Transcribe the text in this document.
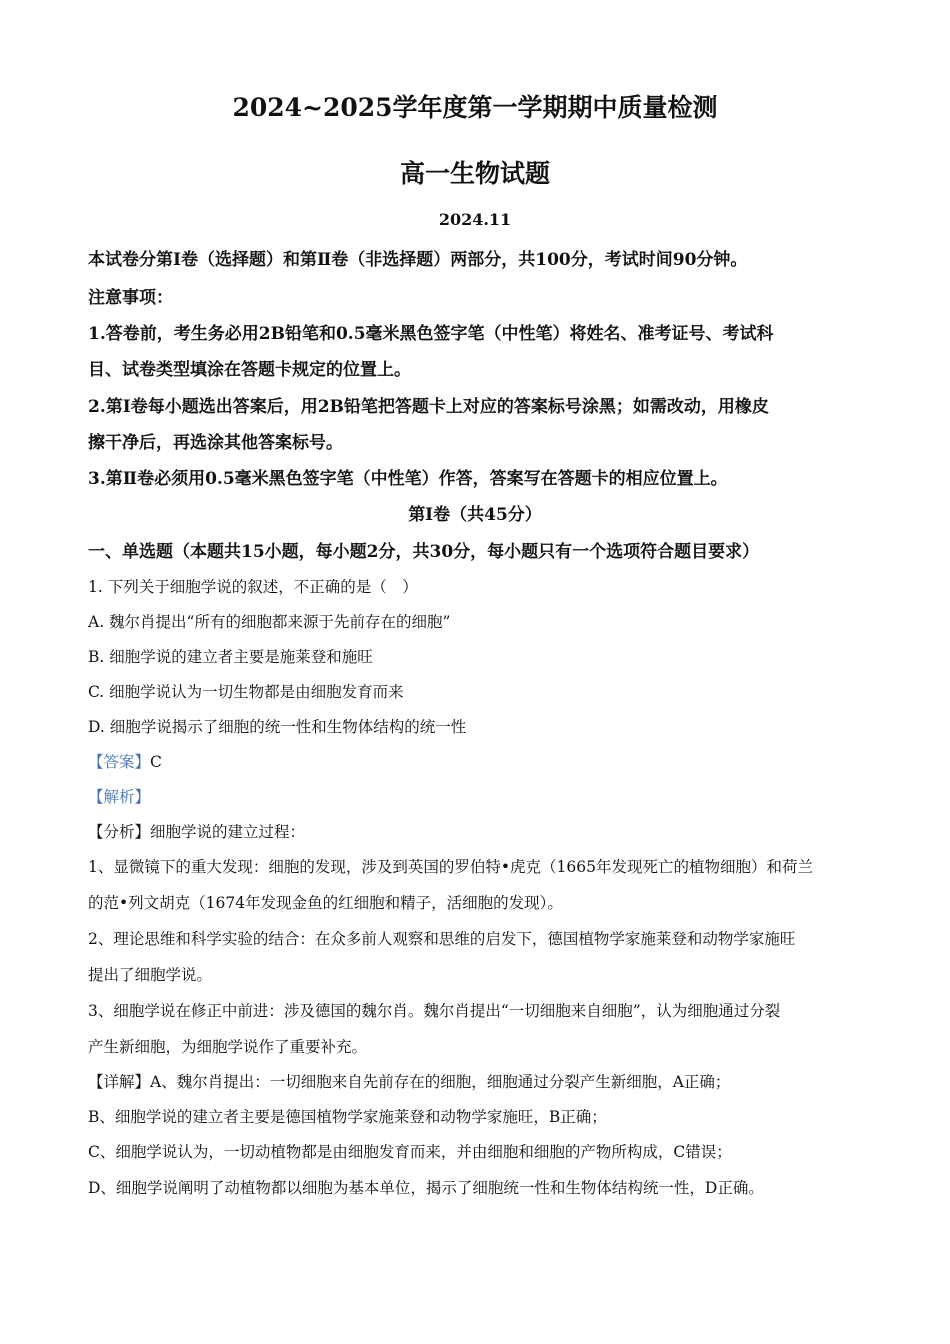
2024~2025学年度第一学期期中质量检测
高一生物试题
2024.11
本试卷分第Ⅰ卷（选择题）和第Ⅱ卷（非选择题）两部分，共100分，考试时间90分钟。
注意事项：
1.答卷前，考生务必用2B铅笔和0.5毫米黑色签字笔（中性笔）将姓名、准考证号、考试科
目、试卷类型填涂在答题卡规定的位置上。
2.第Ⅰ卷每小题选出答案后，用2B铅笔把答题卡上对应的答案标号涂黑；如需改动，用橡皮
擦干净后，再选涂其他答案标号。
3.第Ⅱ卷必须用0.5毫米黑色签字笔（中性笔）作答，答案写在答题卡的相应位置上。
第Ⅰ卷（共45分）
一、单选题（本题共15小题，每小题2分，共30分，每小题只有一个选项符合题目要求）
1. 下列关于细胞学说的叙述，不正确的是（　）
A. 魏尔肖提出“所有的细胞都来源于先前存在的细胞”
B. 细胞学说的建立者主要是施莱登和施旺
C. 细胞学说认为一切生物都是由细胞发育而来
D. 细胞学说揭示了细胞的统一性和生物体结构的统一性
【答案】C
【解析】
【分析】细胞学说的建立过程：
1、显微镜下的重大发现：细胞的发现，涉及到英国的罗伯特•虎克（1665年发现死亡的植物细胞）和荷兰
的范•列文胡克（1674年发现金鱼的红细胞和精子，活细胞的发现）。
2、理论思维和科学实验的结合：在众多前人观察和思维的启发下，德国植物学家施莱登和动物学家施旺
提出了细胞学说。
3、细胞学说在修正中前进：涉及德国的魏尔肖。魏尔肖提出“一切细胞来自细胞”，认为细胞通过分裂
产生新细胞，为细胞学说作了重要补充。
【详解】A、魏尔肖提出：一切细胞来自先前存在的细胞，细胞通过分裂产生新细胞，A正确；
B、细胞学说的建立者主要是德国植物学家施莱登和动物学家施旺，B正确；
C、细胞学说认为，一切动植物都是由细胞发育而来，并由细胞和细胞的产物所构成，C错误；
D、细胞学说阐明了动植物都以细胞为基本单位，揭示了细胞统一性和生物体结构统一性，D正确。
